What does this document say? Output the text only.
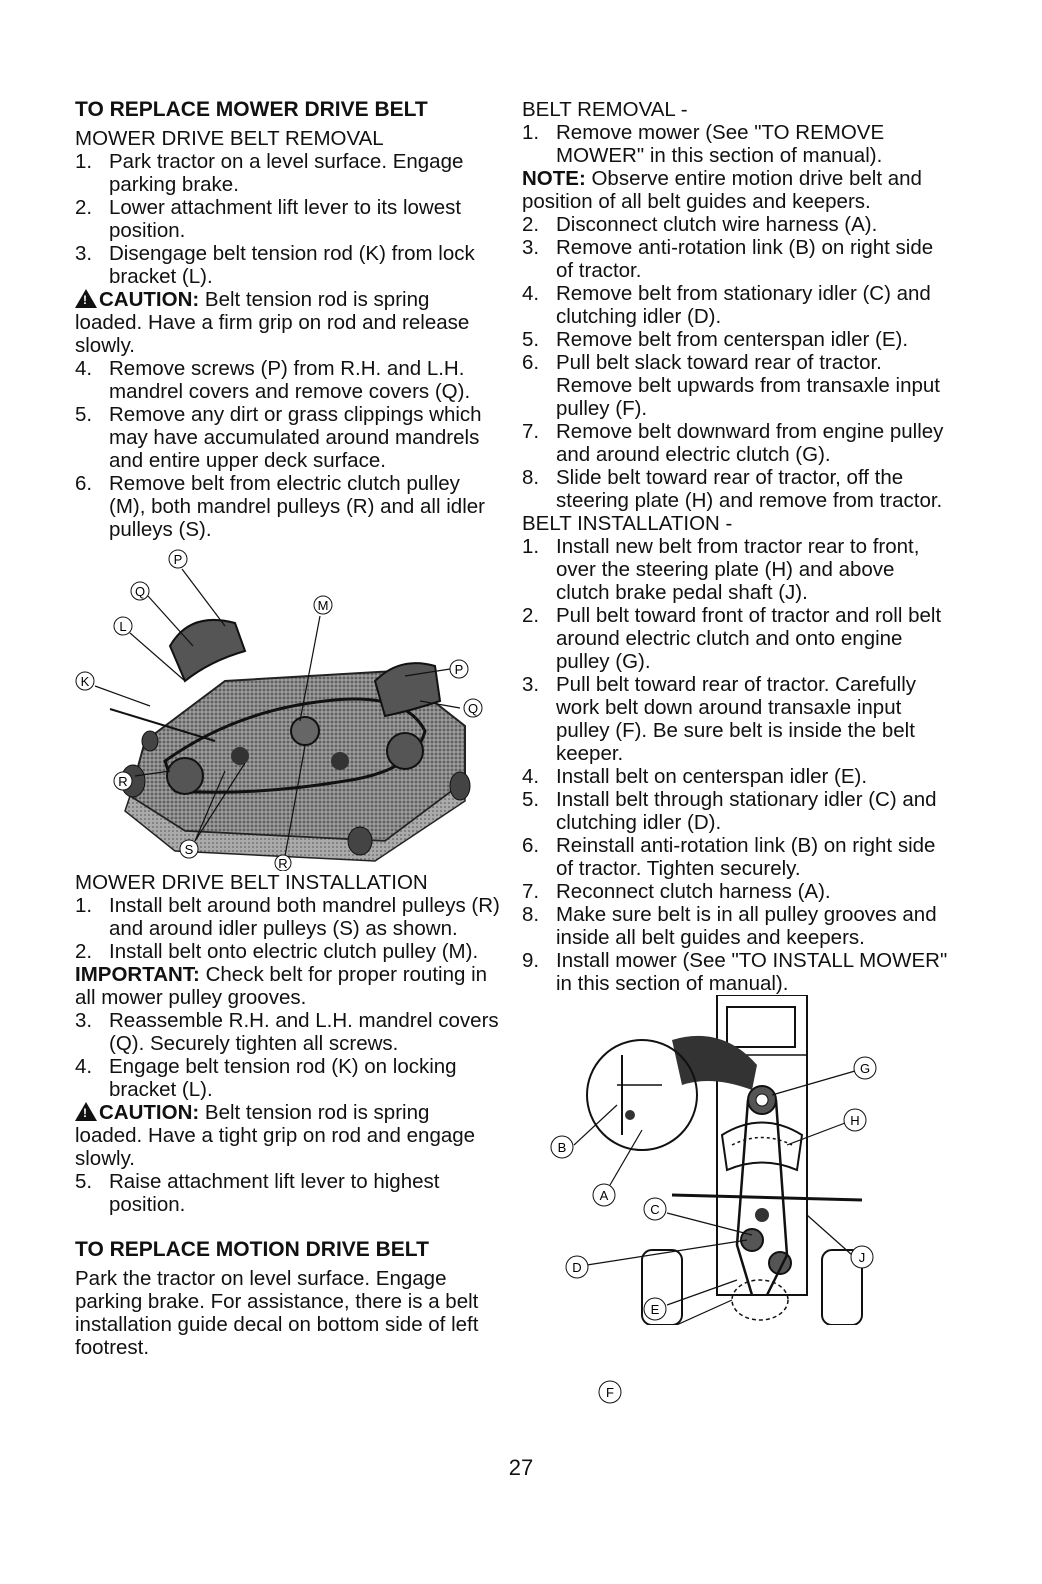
TO REPLACE MOWER DRIVE BELT
MOWER DRIVE BELT REMOVAL
1. Park tractor on a level surface. Engage parking brake.
2. Lower attachment lift lever to its lowest position.
3. Disengage belt tension rod (K) from lock bracket (L).

!CAUTION: Belt tension rod is spring loaded. Have a firm grip on rod and release slowly.

4. Remove screws (P) from R.H. and L.H. mandrel covers and remove covers (Q).
5. Remove any dirt or grass clippings which may have accumulated around mandrels and entire upper deck surface.
6. Remove belt from electric clutch pulley (M), both mandrel pulleys (R) and all idler pulleys (S).
Q
P
L
M
K
P
Q
R
S
R
MOWER DRIVE BELT INSTALLATION
1. Install belt around both mandrel pulleys (R) and around idler pulleys (S) as shown.
2. Install belt onto electric clutch pulley (M).

IMPORTANT: Check belt for proper routing in all mower pulley grooves.

3. Reassemble R.H. and L.H. mandrel covers (Q). Securely tighten all screws.
4. Engage belt tension rod (K) on locking bracket (L).

!CAUTION: Belt tension rod is spring loaded. Have a tight grip on rod and engage slowly.

5. Raise attachment lift lever to highest position.
TO REPLACE MOTION DRIVE BELT

Park the tractor on level surface. Engage parking brake. For assistance, there is a belt installation guide decal on bottom side of left footrest.

BELT REMOVAL -
1. Remove mower (See "TO REMOVE MOWER" in this section of manual).

NOTE: Observe entire motion drive belt and position of all belt guides and keepers.

2. Disconnect clutch wire harness (A).
3. Remove anti-rotation link (B) on right side of tractor.
4. Remove belt from stationary idler (C) and clutching idler (D).
5. Remove belt from centerspan idler (E).
6. Pull belt slack toward rear of tractor. Remove belt upwards from transaxle input pulley (F).
7. Remove belt downward from engine pulley and around electric clutch (G).
8. Slide belt toward rear of tractor, off the steering plate (H) and remove from tractor.
BELT INSTALLATION -
1. Install new belt from tractor rear to front, over the steering plate (H) and above clutch brake pedal shaft (J).
2. Pull belt toward front of tractor and roll belt around electric clutch and onto engine pulley (G).
3. Pull belt toward rear of tractor. Carefully work belt down around transaxle input pulley (F). Be sure belt is inside the belt keeper.
4. Install belt on centerspan idler (E).
5. Install belt through stationary idler (C) and clutching idler (D).
6. Reinstall anti-rotation link (B) on right side of tractor. Tighten securely.
7. Reconnect clutch harness (A).
8. Make sure belt is in all pulley grooves and inside all belt guides and keepers.
9. Install mower (See "TO INSTALL MOWER" in this section of manual).
G
H
B
A
C
D
J
E
F
27
